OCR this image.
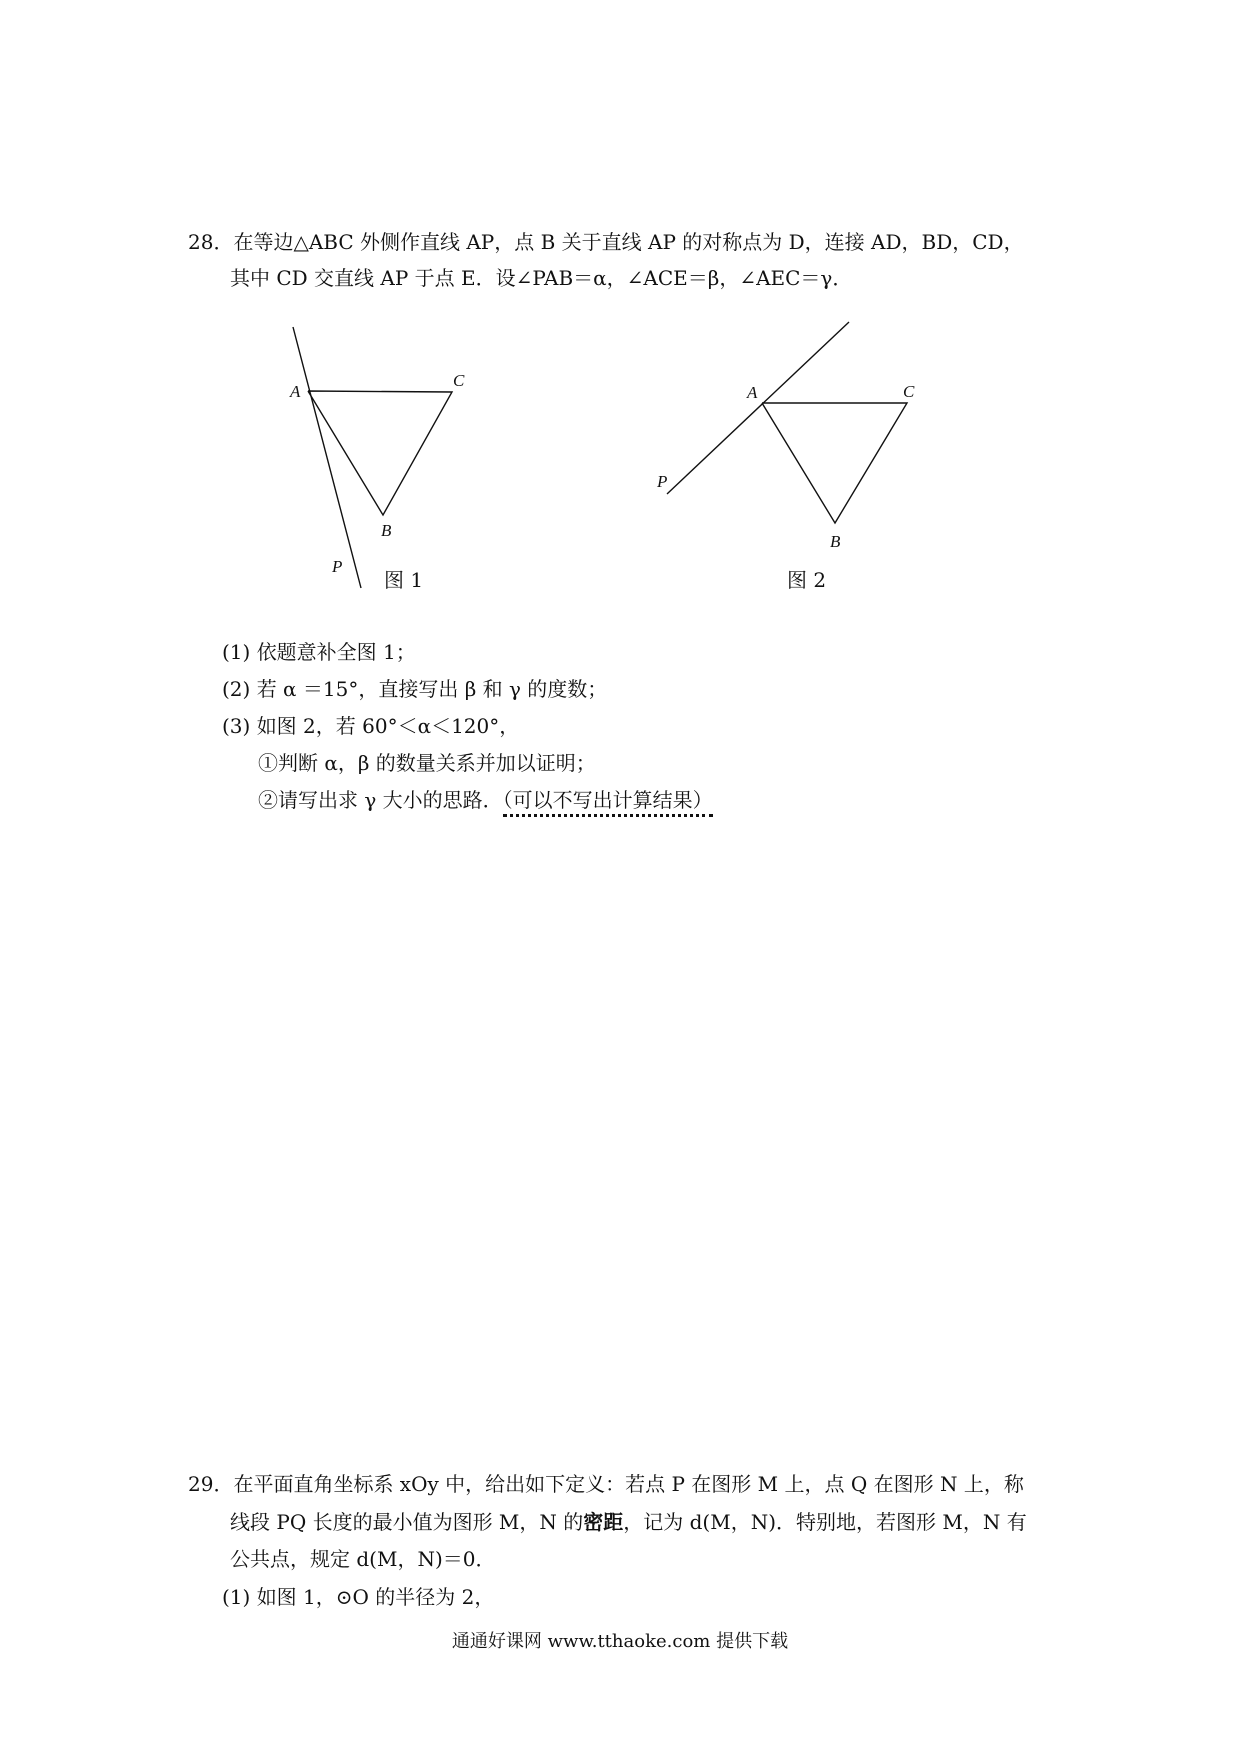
28．在等边△ABC 外侧作直线 AP，点 B 关于直线 AP 的对称点为 D，连接 AD，BD，CD，
其中 CD 交直线 AP 于点 E．设∠PAB＝α，∠ACE＝β，∠AEC＝γ．
A
C
B
P
图 1
A	C
B
P
图 2
(1) 依题意补全图 1；
(2) 若 α ＝15°，直接写出 β 和 γ 的度数；
(3) 如图 2，若 60°＜α＜120°，
①判断 α，β 的数量关系并加以证明；
②请写出求 γ 大小的思路．（可以不写出计算结果）
29．在平面直角坐标系 xOy 中，给出如下定义：若点 P 在图形 M 上，点 Q 在图形 N 上，称
线段 PQ 长度的最小值为图形 M，N 的密距，记为 d(M，N)．特别地，若图形 M，N 有
公共点，规定 d(M，N)＝0．
(1) 如图 1，⊙O 的半径为 2，
通通好课网 www.tthaoke.com 提供下载
